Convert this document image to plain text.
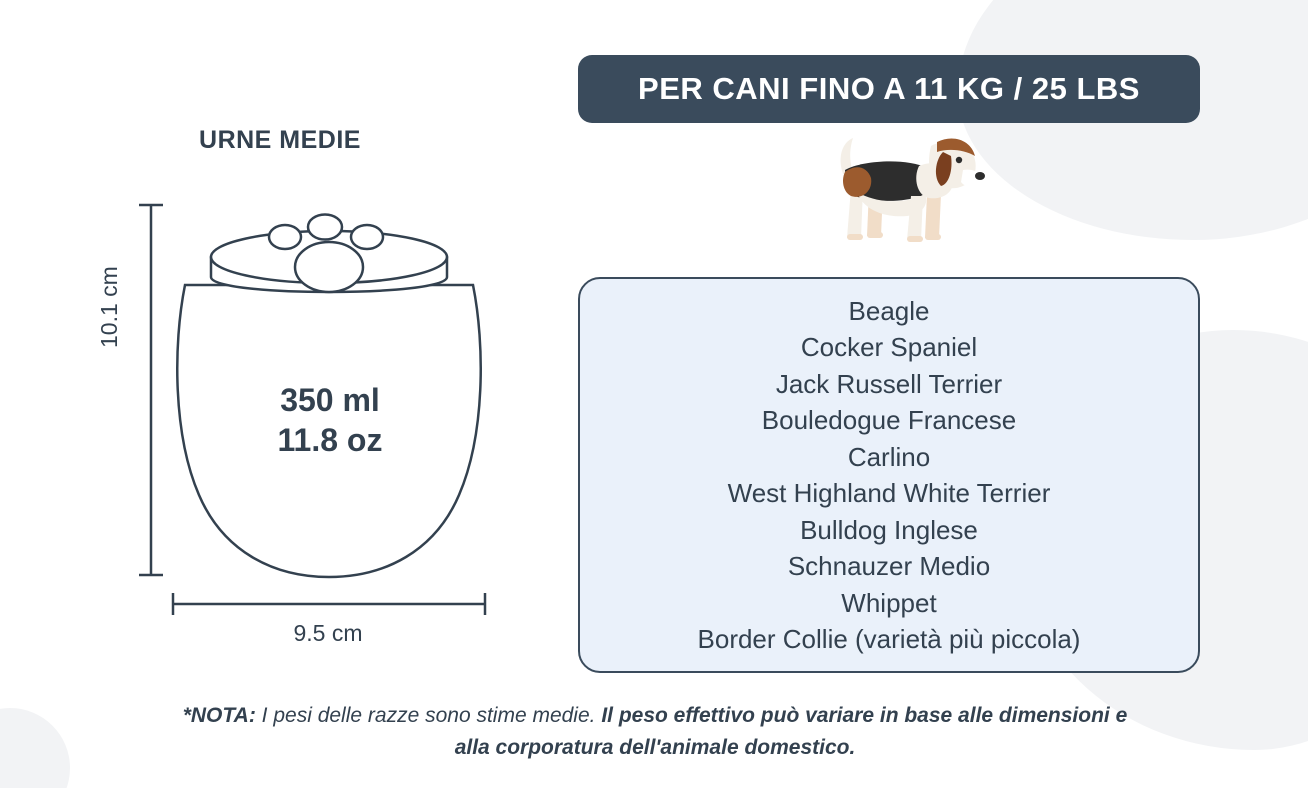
URNE MEDIE
10.1 cm
9.5 cm
350 ml
11.8 oz
PER CANI FINO A 11 KG / 25 LBS
Beagle
Cocker Spaniel
Jack Russell Terrier
Bouledogue Francese
Carlino
West Highland White Terrier
Bulldog Inglese
Schnauzer Medio
Whippet
Border Collie (varietà più piccola)
*NOTA: I pesi delle razze sono stime medie. Il peso effettivo può variare in base alle dimensioni e alla corporatura dell'animale domestico.
